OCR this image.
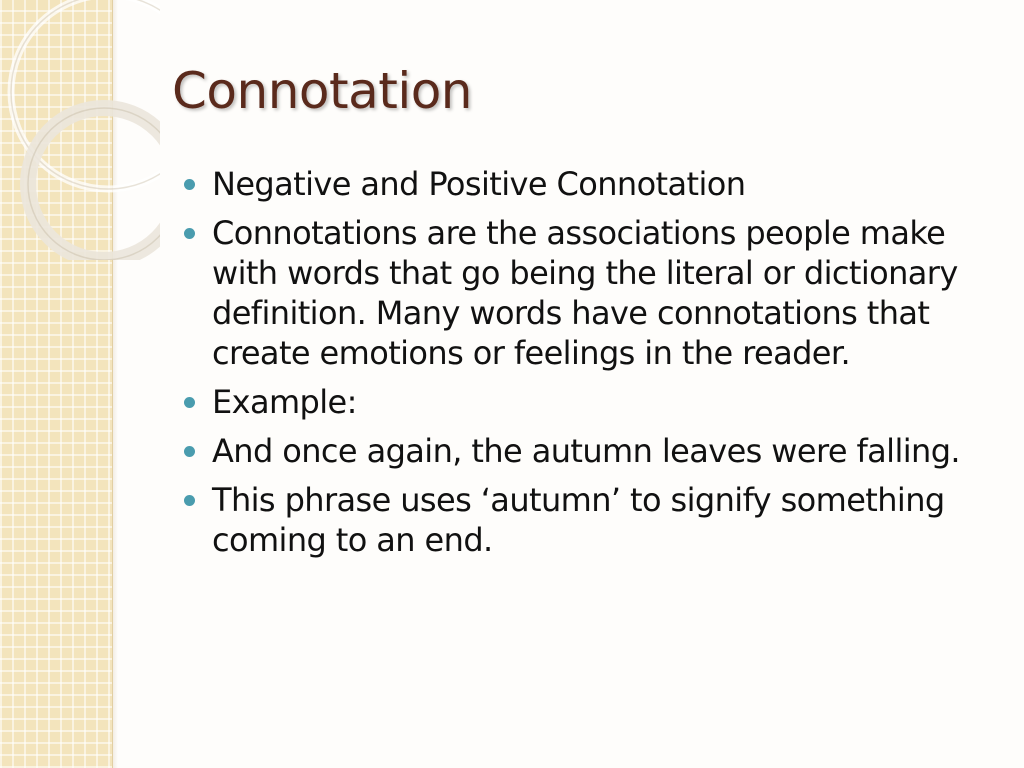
Connotation
Negative and Positive Connotation
Connotations are the associations people make with words that go being the literal or dictionary definition. Many words have connotations that create emotions or feelings in the reader.
Example:
And once again, the autumn leaves were falling.
This phrase uses ‘autumn’ to signify something coming to an end.
